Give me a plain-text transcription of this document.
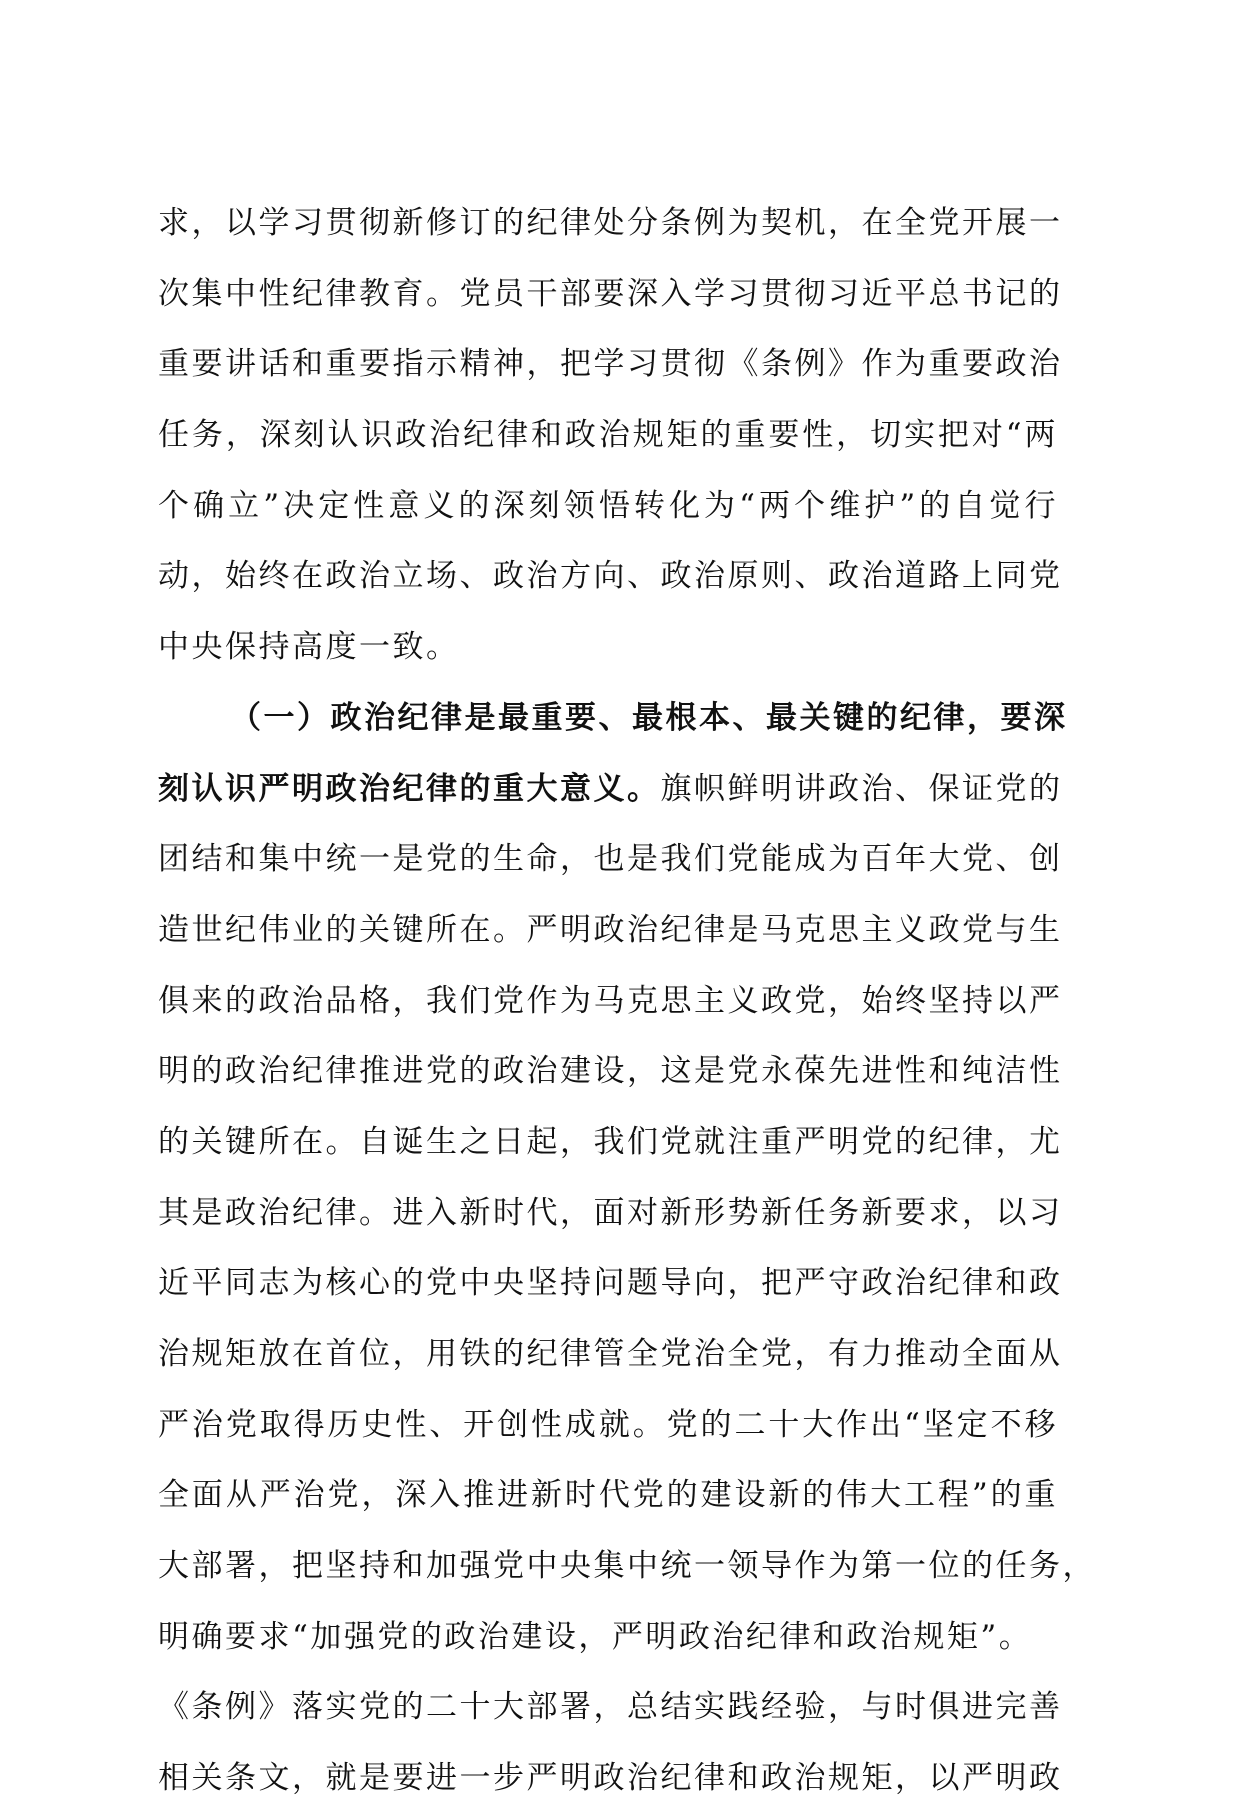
求，以学习贯彻新修订的纪律处分条例为契机，在全党开展一
次集中性纪律教育。党员干部要深入学习贯彻习近平总书记的
重要讲话和重要指示精神，把学习贯彻《条例》作为重要政治
任务，深刻认识政治纪律和政治规矩的重要性，切实把对“两
个确立”决定性意义的深刻领悟转化为“两个维护”的自觉行
动，始终在政治立场、政治方向、政治原则、政治道路上同党
中央保持高度一致。
（一）政治纪律是最重要、最根本、最关键的纪律，要深
刻认识严明政治纪律的重大意义。旗帜鲜明讲政治、保证党的
团结和集中统一是党的生命，也是我们党能成为百年大党、创
造世纪伟业的关键所在。严明政治纪律是马克思主义政党与生
俱来的政治品格，我们党作为马克思主义政党，始终坚持以严
明的政治纪律推进党的政治建设，这是党永葆先进性和纯洁性
的关键所在。自诞生之日起，我们党就注重严明党的纪律，尤
其是政治纪律。进入新时代，面对新形势新任务新要求，以习
近平同志为核心的党中央坚持问题导向，把严守政治纪律和政
治规矩放在首位，用铁的纪律管全党治全党，有力推动全面从
严治党取得历史性、开创性成就。党的二十大作出“坚定不移
全面从严治党，深入推进新时代党的建设新的伟大工程”的重
大部署，把坚持和加强党中央集中统一领导作为第一位的任务，
明确要求“加强党的政治建设，严明政治纪律和政治规矩”。
《条例》落实党的二十大部署，总结实践经验，与时俱进完善
相关条文，就是要进一步严明政治纪律和政治规矩，以严明政
